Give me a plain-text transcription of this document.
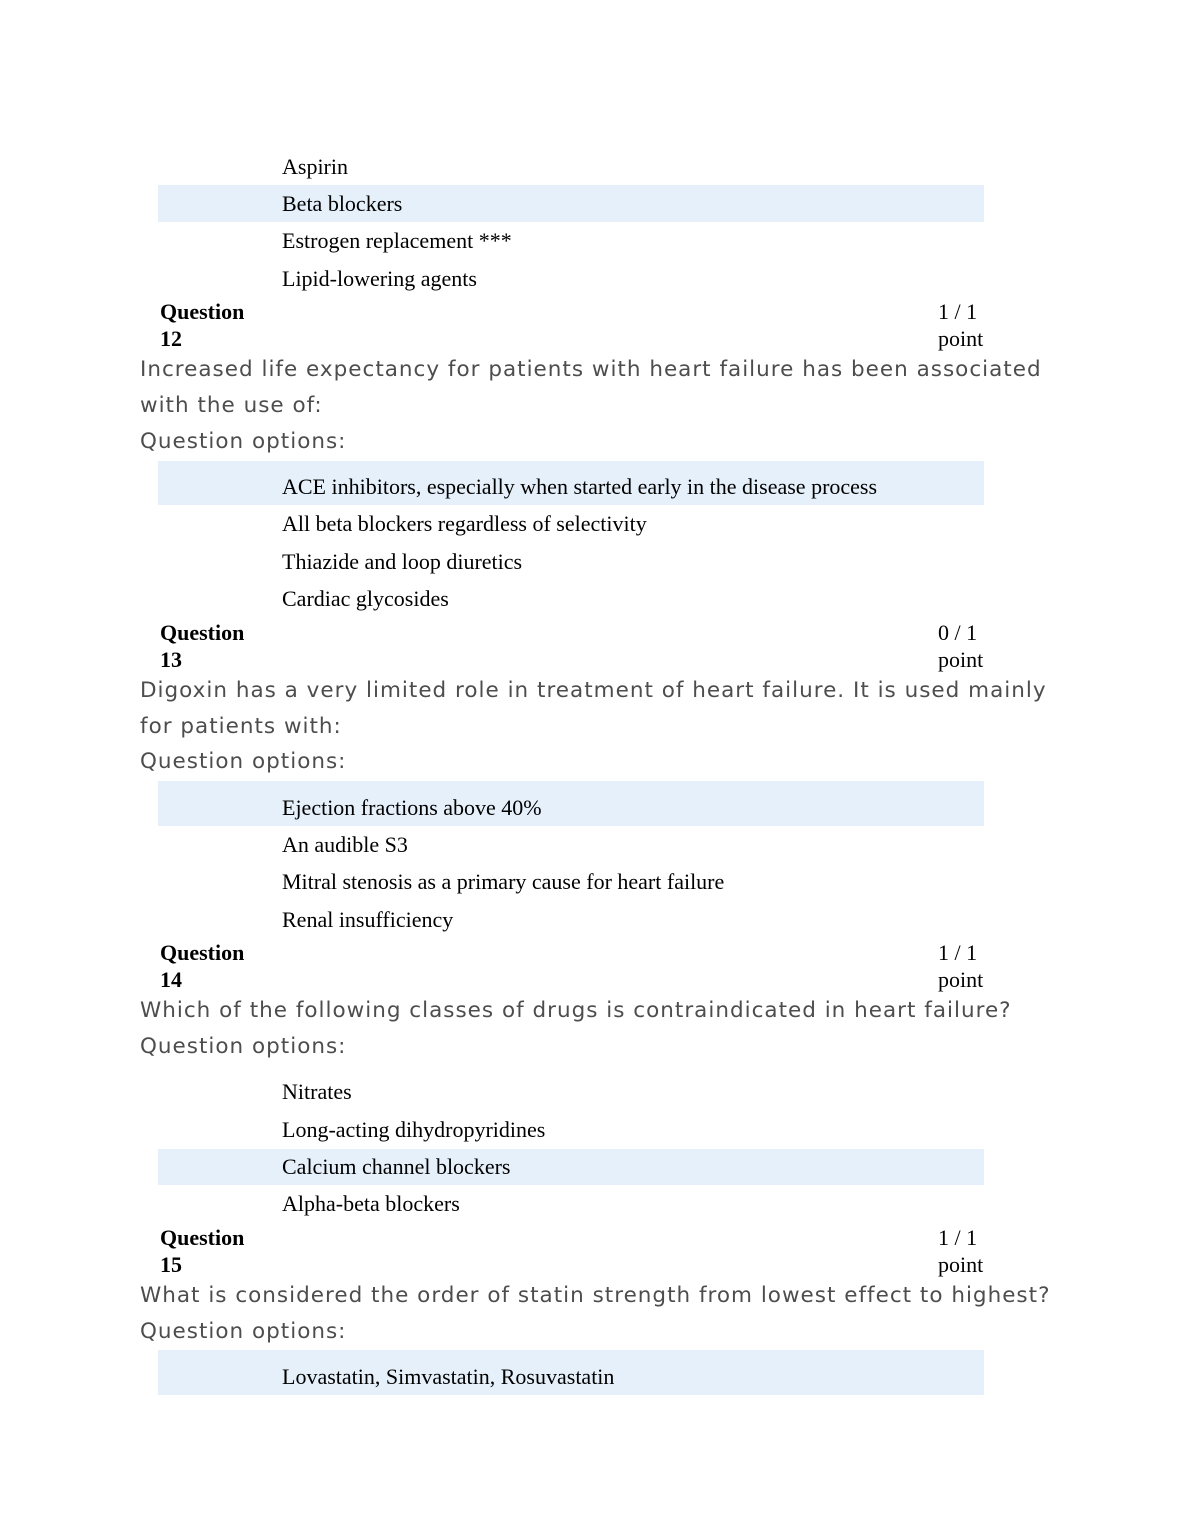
Aspirin
Beta blockers
Estrogen replacement ***
Lipid-lowering agents
Question
12
1 / 1
point
Increased life expectancy for patients with heart failure has been associated with the use of:
Question options:
ACE inhibitors, especially when started early in the disease process
All beta blockers regardless of selectivity
Thiazide and loop diuretics
Cardiac glycosides
Question
13
0 / 1
point
Digoxin has a very limited role in treatment of heart failure. It is used mainly for patients with:
Question options:
Ejection fractions above 40%
An audible S3
Mitral stenosis as a primary cause for heart failure
Renal insufficiency
Question
14
1 / 1
point
Which of the following classes of drugs is contraindicated in heart failure?
Question options:
Nitrates
Long-acting dihydropyridines
Calcium channel blockers
Alpha-beta blockers
Question
15
1 / 1
point
What is considered the order of statin strength from lowest effect to highest?
Question options:
Lovastatin, Simvastatin, Rosuvastatin
